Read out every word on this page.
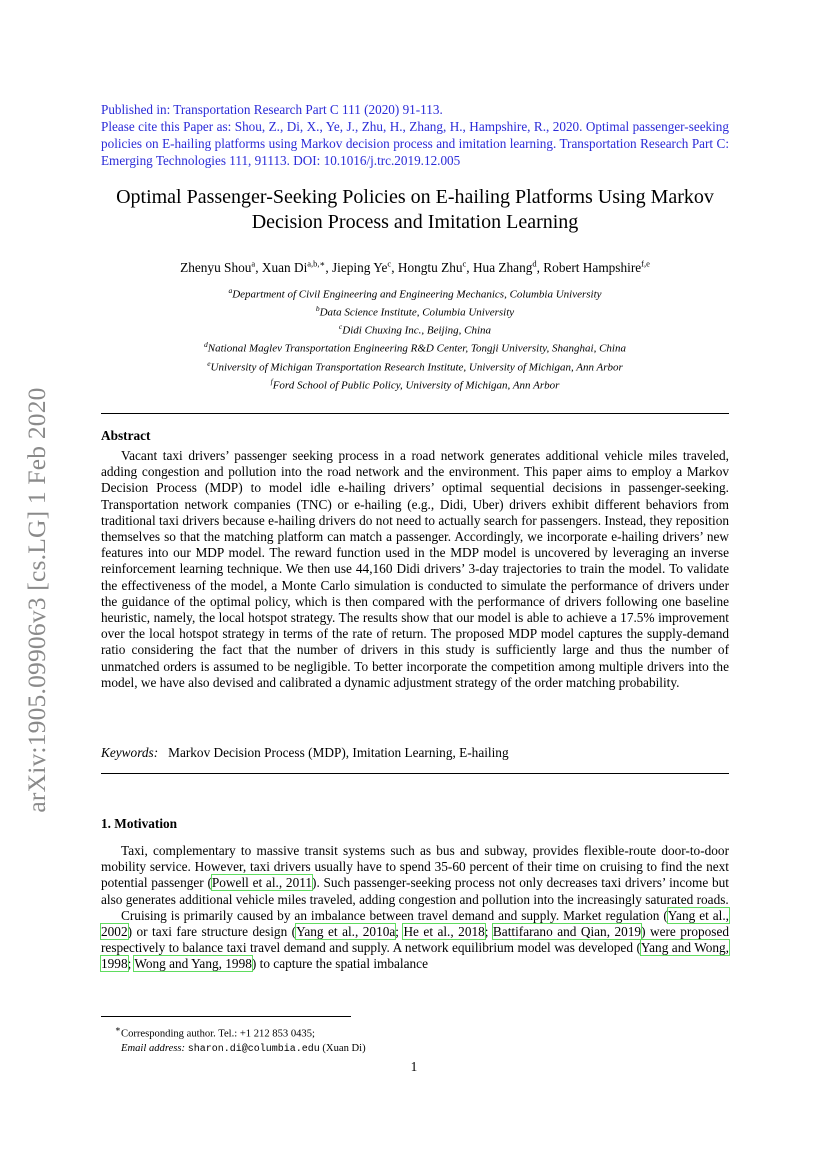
arXiv:1905.09906v3 [cs.LG] 1 Feb 2020
Published in: Transportation Research Part C 111 (2020) 91-113.
Please cite this Paper as: Shou, Z., Di, X., Ye, J., Zhu, H., Zhang, H., Hampshire, R., 2020. Optimal passenger-seeking policies on E-hailing platforms using Markov decision process and imitation learning. Transportation Research Part C: Emerging Technologies 111, 91113. DOI: 10.1016/j.trc.2019.12.005
Optimal Passenger-Seeking Policies on E-hailing Platforms Using Markov Decision Process and Imitation Learning
Zhenyu Shou$^a$, Xuan $Di^{a,b,∗}$, Jieping Ye$^c$, Hongtu Zhu$^c$, Hua Zhang$^d$, Robert Hampshire$^{f,e}$
$^a$Department of Civil Engineering and Engineering Mechanics, Columbia University
$^b$Data Science Institute, Columbia University
$^c$Didi Chuxing Inc., Beijing, China
$^d$National Maglev Transportation Engineering R&D Center, Tongji University, Shanghai, China
$^e$University of Michigan Transportation Research Institute, University of Michigan, Ann Arbor
$^f$Ford School of Public Policy, University of Michigan, Ann Arbor
Abstract

Vacant taxi drivers’ passenger seeking process in a road network generates additional vehicle miles traveled, adding congestion and pollution into the road network and the environment. This paper aims to employ a Markov Decision Process (MDP) to model idle e-hailing drivers’ optimal sequential decisions in passenger-seeking. Transportation network companies (TNC) or e-hailing (e.g., Didi, Uber) drivers exhibit different behaviors from traditional taxi drivers because e-hailing drivers do not need to actually search for passengers. Instead, they reposition themselves so that the matching platform can match a passenger. Accordingly, we incorporate e-hailing drivers’ new features into our MDP model. The reward function used in the MDP model is uncovered by leveraging an inverse reinforcement learning technique. We then use 44,160 Didi drivers’ 3-day trajectories to train the model. To validate the effectiveness of the model, a Monte Carlo simulation is conducted to simulate the performance of drivers under the guidance of the optimal policy, which is then compared with the performance of drivers following one baseline heuristic, namely, the local hotspot strategy. The results show that our model is able to achieve a 17.5% improvement over the local hotspot strategy in terms of the rate of return. The proposed MDP model captures the supply-demand ratio considering the fact that the number of drivers in this study is sufficiently large and thus the number of unmatched orders is assumed to be negligible. To better incorporate the competition among multiple drivers into the model, we have also devised and calibrated a dynamic adjustment strategy of the order matching probability.

Keywords: Markov Decision Process (MDP), Imitation Learning, E-hailing
1. Motivation

Taxi, complementary to massive transit systems such as bus and subway, provides flexible-route door-to-door mobility service. However, taxi drivers usually have to spend 35-60 percent of their time on cruising to find the next potential passenger (Powell et al., 2011). Such passenger-seeking process not only decreases taxi drivers’ income but also generates additional vehicle miles traveled, adding congestion and pollution into the increasingly saturated roads.

Cruising is primarily caused by an imbalance between travel demand and supply. Market regulation (Yang et al., 2002) or taxi fare structure design (Yang et al., 2010a; He et al., 2018; Battifarano and Qian, 2019) were proposed respectively to balance taxi travel demand and supply. A network equilibrium model was developed (Yang and Wong, 1998; Wong and Yang, 1998) to capture the spatial imbalance

∗Corresponding author. Tel.: +1 212 853 0435;
Email address: sharon.di@columbia.edu (Xuan Di)
1
